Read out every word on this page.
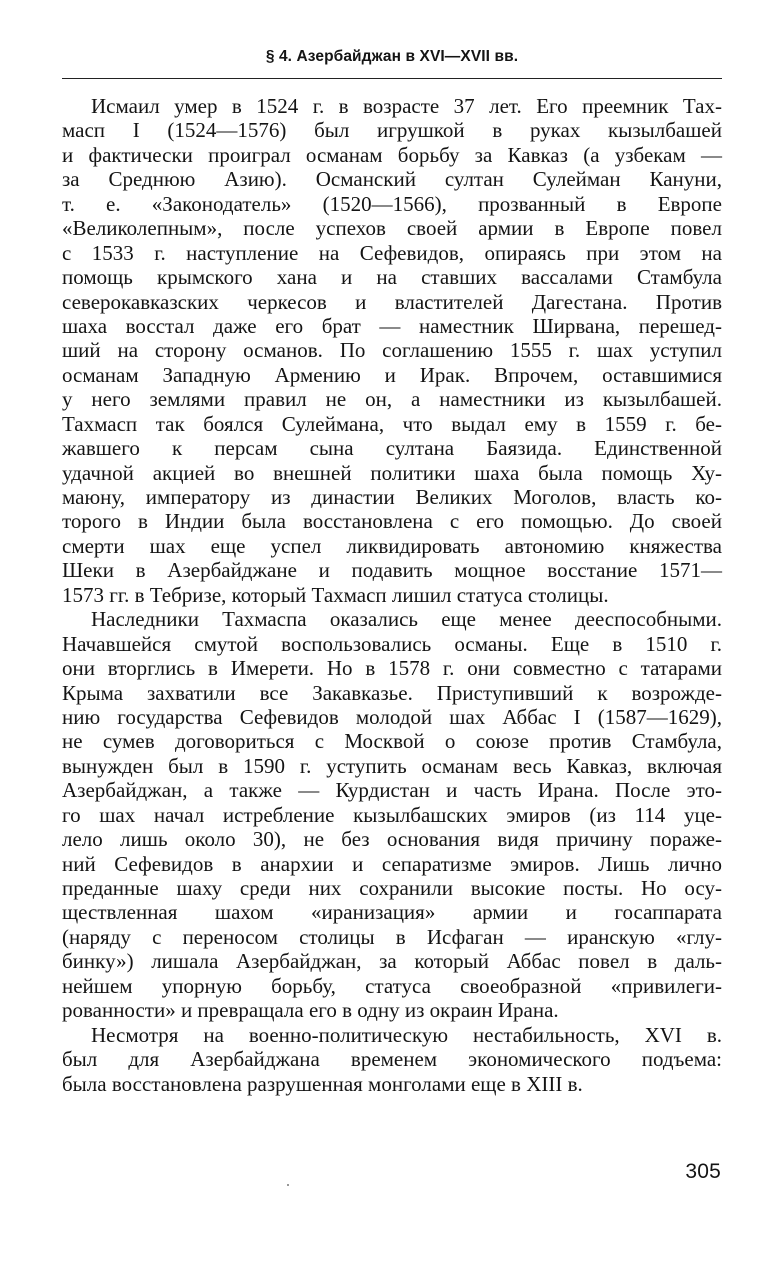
§ 4. Азербайджан в XVI—XVII вв.
Исмаил умер в 1524 г. в возрасте 37 лет. Его преемник Тах-
масп I (1524—1576) был игрушкой в руках кызылбашей
и фактически проиграл османам борьбу за Кавказ (а узбекам —
за Среднюю Азию). Османский султан Сулейман Кануни,
т. е. «Законодатель» (1520—1566), прозванный в Европе
«Великолепным», после успехов своей армии в Европе повел
с 1533 г. наступление на Сефевидов, опираясь при этом на
помощь крымского хана и на ставших вассалами Стамбула
северокавказских черкесов и властителей Дагестана. Против
шаха восстал даже его брат — наместник Ширвана, перешед-
ший на сторону османов. По соглашению 1555 г. шах уступил
османам Западную Армению и Ирак. Впрочем, оставшимися
у него землями правил не он, а наместники из кызылбашей.
Тахмасп так боялся Сулеймана, что выдал ему в 1559 г. бе-
жавшего к персам сына султана Баязида. Единственной
удачной акцией во внешней политики шаха была помощь Ху-
маюну, императору из династии Великих Моголов, власть ко-
торого в Индии была восстановлена с его помощью. До своей
смерти шах еще успел ликвидировать автономию княжества
Шеки в Азербайджане и подавить мощное восстание 1571—
1573 гг. в Тебризе, который Тахмасп лишил статуса столицы.
Наследники Тахмаспа оказались еще менее дееспособными.
Начавшейся смутой воспользовались османы. Еще в 1510 г.
они вторглись в Имерети. Но в 1578 г. они совместно с татарами
Крыма захватили все Закавказье. Приступивший к возрожде-
нию государства Сефевидов молодой шах Аббас I (1587—1629),
не сумев договориться с Москвой о союзе против Стамбула,
вынужден был в 1590 г. уступить османам весь Кавказ, включая
Азербайджан, а также — Курдистан и часть Ирана. После это-
го шах начал истребление кызылбашских эмиров (из 114 уце-
лело лишь около 30), не без основания видя причину пораже-
ний Сефевидов в анархии и сепаратизме эмиров. Лишь лично
преданные шаху среди них сохранили высокие посты. Но осу-
ществленная шахом «иранизация» армии и госаппарата
(наряду с переносом столицы в Исфаган — иранскую «глу-
бинку») лишала Азербайджан, за который Аббас повел в даль-
нейшем упорную борьбу, статуса своеобразной «привилеги-
рованности» и превращала его в одну из окраин Ирана.
Несмотря на военно-политическую нестабильность, XVI в.
был для Азербайджана временем экономического подъема:
была восстановлена разрушенная монголами еще в XIII в.
305
